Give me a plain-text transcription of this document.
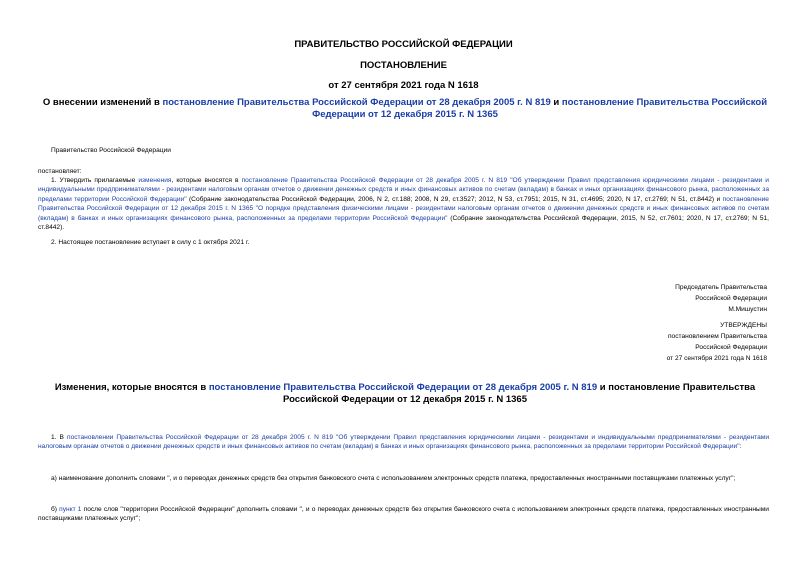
ПРАВИТЕЛЬСТВО РОССИЙСКОЙ ФЕДЕРАЦИИ
ПОСТАНОВЛЕНИЕ
от 27 сентября 2021 года N 1618
О внесении изменений в постановление Правительства Российской Федерации от 28 декабря 2005 г. N 819 и постановление Правительства Российской Федерации от 12 декабря 2015 г. N 1365
Правительство Российской Федерации
постановляет:
1. Утвердить прилагаемые изменения, которые вносятся в постановление Правительства Российской Федерации от 28 декабря 2005 г. N 819 "Об утверждении Правил представления юридическими лицами - резидентами и индивидуальными предпринимателями - резидентами налоговым органам отчетов о движении денежных средств и иных финансовых активов по счетам (вкладам) в банках и иных организациях финансового рынка, расположенных за пределами территории Российской Федерации" (Собрание законодательства Российской Федерации, 2006, N 2, ст.188; 2008, N 29, ст.3527; 2012, N 53, ст.7951; 2015, N 31, ст.4695; 2020, N 17, ст.2769; N 51, ст.8442) и постановление Правительства Российской Федерации от 12 декабря 2015 г. N 1365 "О порядке представления физическими лицами - резидентами налоговым органам отчетов о движении денежных средств и иных финансовых активов по счетам (вкладам) в банках и иных организациях финансового рынка, расположенных за пределами территории Российской Федерации" (Собрание законодательства Российской Федерации, 2015, N 52, ст.7601; 2020, N 17, ст.2769; N 51, ст.8442).
2. Настоящее постановление вступает в силу с 1 октября 2021 г.
Председатель Правительства
Российской Федерации
М.Мишустин
УТВЕРЖДЕНЫ
постановлением Правительства
Российской Федерации
от 27 сентября 2021 года N 1618
Изменения, которые вносятся в постановление Правительства Российской Федерации от 28 декабря 2005 г. N 819 и постановление Правительства Российской Федерации от 12 декабря 2015 г. N 1365
1. В постановлении Правительства Российской Федерации от 28 декабря 2005 г. N 819 "Об утверждении Правил представления юридическими лицами - резидентами и индивидуальными предпринимателями - резидентами налоговым органам отчетов о движении денежных средств и иных финансовых активов по счетам (вкладам) в банках и иных организациях финансового рынка, расположенных за пределами территории Российской Федерации":
а) наименование дополнить словами ", и о переводах денежных средств без открытия банковского счета с использованием электронных средств платежа, предоставленных иностранными поставщиками платежных услуг";
б) пункт 1 после слов "территории Российской Федерации" дополнить словами ", и о переводах денежных средств без открытия банковского счета с использованием электронных средств платежа, предоставленных иностранными поставщиками платежных услуг";
